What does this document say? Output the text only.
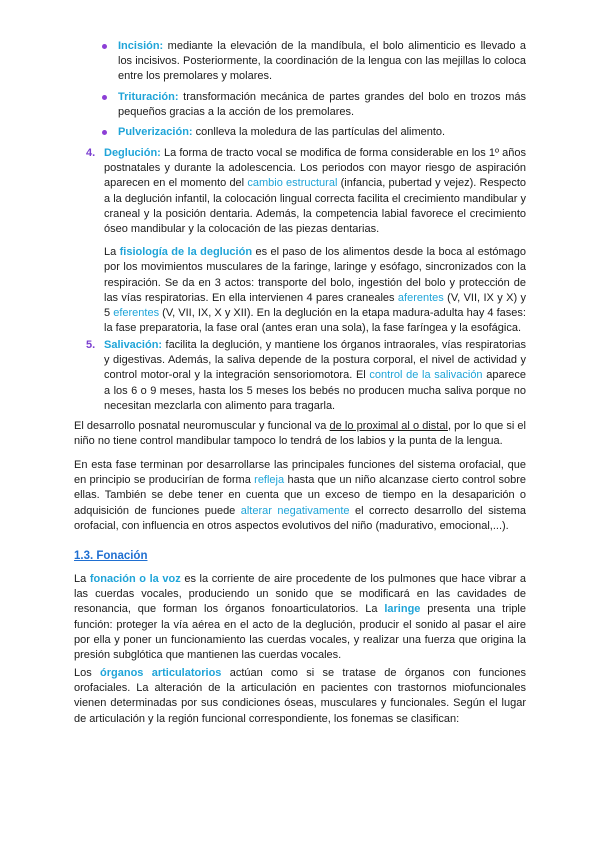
Incisión: mediante la elevación de la mandíbula, el bolo alimenticio es llevado a los incisivos. Posteriormente, la coordinación de la lengua con las mejillas lo coloca entre los premolares y molares.
Trituración: transformación mecánica de partes grandes del bolo en trozos más pequeños gracias a la acción de los premolares.
Pulverización: conlleva la moledura de las partículas del alimento.
4. Deglución: La forma de tracto vocal se modifica de forma considerable en los 1º años postnatales y durante la adolescencia. Los periodos con mayor riesgo de aspiración aparecen en el momento del cambio estructural (infancia, pubertad y vejez). Respecto a la deglución infantil, la colocación lingual correcta facilita el crecimiento mandibular y craneal y la posición dentaria. Además, la competencia labial favorece el crecimiento óseo mandibular y la colocación de las piezas dentarias.

La fisiología de la deglución es el paso de los alimentos desde la boca al estómago por los movimientos musculares de la faringe, laringe y esófago, sincronizados con la respiración. Se da en 3 actos: transporte del bolo, ingestión del bolo y protección de las vías respiratorias. En ella intervienen 4 pares craneales aferentes (V, VII, IX y X) y 5 eferentes (V, VII, IX, X y XII). En la deglución en la etapa madura-adulta hay 4 fases: la fase preparatoria, la fase oral (antes eran una sola), la fase faríngea y la esofágica.

5. Salivación: facilita la deglución, y mantiene los órganos intraorales, vías respiratorias y digestivas. Además, la saliva depende de la postura corporal, el nivel de actividad y control motor-oral y la integración sensoriomotora. El control de la salivación aparece a los 6 o 9 meses, hasta los 5 meses los bebés no producen mucha saliva porque no necesitan mezclarla con alimento para tragarla.

El desarrollo posnatal neuromuscular y funcional va de lo proximal al o distal, por lo que si el niño no tiene control mandibular tampoco lo tendrá de los labios y la punta de la lengua.

En esta fase terminan por desarrollarse las principales funciones del sistema orofacial, que en principio se producirían de forma refleja hasta que un niño alcanzase cierto control sobre ellas. También se debe tener en cuenta que un exceso de tiempo en la desaparición o adquisición de funciones puede alterar negativamente el correcto desarrollo del sistema orofacial, con influencia en otros aspectos evolutivos del niño (madurativo, emocional,...).

1.3. Fonación

La fonación o la voz es la corriente de aire procedente de los pulmones que hace vibrar a las cuerdas vocales, produciendo un sonido que se modificará en las cavidades de resonancia, que forman los órganos fonoarticulatorios. La laringe presenta una triple función: proteger la vía aérea en el acto de la deglución, producir el sonido al pasar el aire por ella y poner un funcionamiento las cuerdas vocales, y realizar una fuerza que origina la presión subglótica que mantienen las cuerdas vocales.

Los órganos articulatorios actúan como si se tratase de órganos con funciones orofaciales. La alteración de la articulación en pacientes con trastornos miofuncionales vienen determinadas por sus condiciones óseas, musculares y funcionales. Según el lugar de articulación y la región funcional correspondiente, los fonemas se clasifican:
